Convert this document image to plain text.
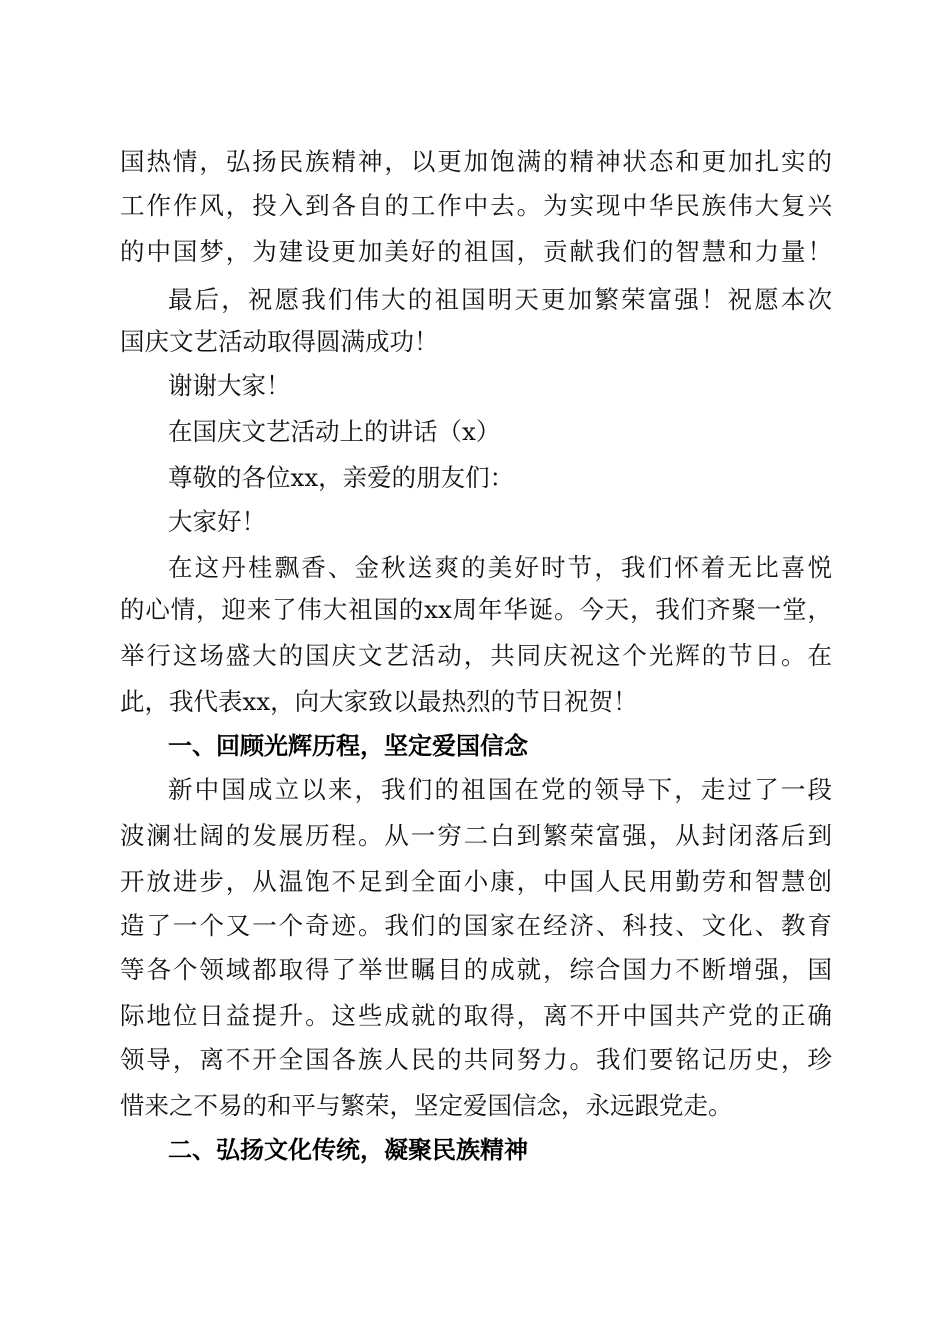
国热情，弘扬民族精神，以更加饱满的精神状态和更加扎实的
工作作风，投入到各自的工作中去。为实现中华民族伟大复兴
的中国梦，为建设更加美好的祖国，贡献我们的智慧和力量！
最后，祝愿我们伟大的祖国明天更加繁荣富强！祝愿本次
国庆文艺活动取得圆满成功！
谢谢大家！
在国庆文艺活动上的讲话（x）
尊敬的各位xx，亲爱的朋友们：
大家好！
在这丹桂飘香、金秋送爽的美好时节，我们怀着无比喜悦
的心情，迎来了伟大祖国的xx周年华诞。今天，我们齐聚一堂，
举行这场盛大的国庆文艺活动，共同庆祝这个光辉的节日。在
此，我代表xx，向大家致以最热烈的节日祝贺！
一、回顾光辉历程，坚定爱国信念
新中国成立以来，我们的祖国在党的领导下，走过了一段
波澜壮阔的发展历程。从一穷二白到繁荣富强，从封闭落后到
开放进步，从温饱不足到全面小康，中国人民用勤劳和智慧创
造了一个又一个奇迹。我们的国家在经济、科技、文化、教育
等各个领域都取得了举世瞩目的成就，综合国力不断增强，国
际地位日益提升。这些成就的取得，离不开中国共产党的正确
领导，离不开全国各族人民的共同努力。我们要铭记历史，珍
惜来之不易的和平与繁荣，坚定爱国信念，永远跟党走。
二、弘扬文化传统，凝聚民族精神
